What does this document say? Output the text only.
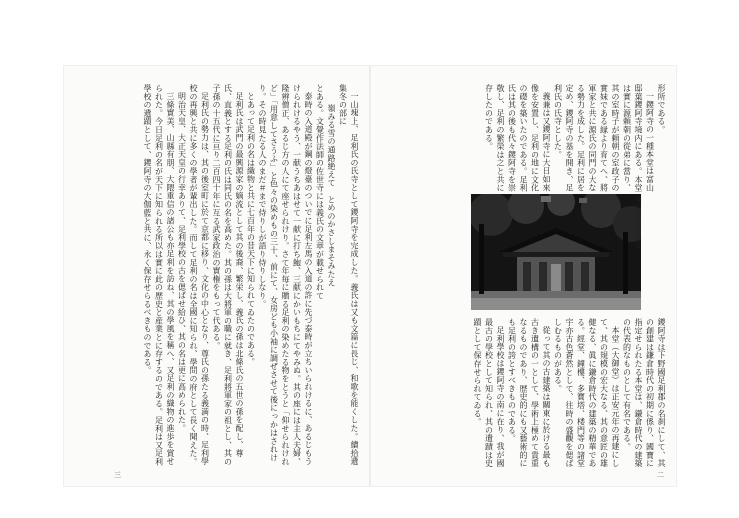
一山塊上、足利氏の氏寺として鑁阿寺を完成した。義氏は又も文篇に長じ、和歌を能くした。續拾遺集冬の部に

嶺みる雪の通路絶えて　とめのかさしまそみたえ

とある。文覺作法師の佐世寺には義氏の文章が載せられて

泰時の入道殿が鋼の燈臺のついでに足利左馬の入道の許に先づ泰時が立ちいられけるに、あるじもうけられけるやう、一献うちあはせて一献に打ち鮑、三献にかいもちにてやみぬ。其の座には主人夫婦、隆辨僧正、あるじ方の人にて座せられけり。さて年毎に贈る足利の染めたる物をとうと「仰せられけれど」「用意してさうふ」と色々の染めもの三十、前にて、女房ども小袖に調ぜさせて後にっかはされけり。その時見たる人のまだ＃まで侍りしが語り侍りしなり。

とあって足利の名は織物と共に七百年の昔天下に知られてゐたのである。

足利氏は武門の最興源家の嫡流として其の後裔、繁栄し、義氏の孫は北條氏の五世の孫を配し、尊氏、直義とする足利の氏は同氏の名を高めた。其の孫は大將軍の職に就き、足利將軍家の祖とし、其の子孫の十五代に亘り二百四十年に互る武家政治の實権をもって代ある。

足利氏の勢力は、其の後室町に於て京都に移り、文化の中心となり、尊氏の孫たる義満の時、足利學校の再興と共に多くの學者が輩出した。而して足利の名は全國に知られ、學問の府として長く聞えた。

明治天皇、大正天皇の行幸ありて、足利學校の古を偲ばせ給ひ、其の名は更に高められた。

三條實美、山縣有朋、大隈重信の諸公も亦足利を訪ね、其の學風を稱へ、又足利の織物の進歩を賞せられた。今日足利の名が天下に知られる所以は實に此の歴史と産業とに存するのである。足利は又足利學校の遺蹟として、鑁阿寺の大伽藍と共に、永く保存せらるべきものである。

三

形所である。

一鑁阿寺の一種本堂は富山邸葉鑁阿寺境内にある。本堂は實に源頼朝の從弟に當り、其の室時子が頼朝の室政子の實妹である縁より育てへ、將軍家と共に源氏の同門の大なる勢力を成した。足利に居を定め、鑁阿寺の基を開き、足利氏の氏寺とした。

義兼は又鑁阿寺に大日如來像を安置し、足利の地に文化の礎を築いたのである。足利氏は其の後も代々鑁阿寺を崇敬し、足利の繁榮は之と共に存したのである。

寺阿鑁河國野下

鑁阿寺は下野國足利郡の名刹にして、其の創建は鎌倉時代の初期に係り、國寶に指定せられたる本堂は、鎌倉時代の建築の代表的なものとして有名である。

本堂（大御堂）は正安元年の再建にして、其の規模の宏大なる、其の意匠の雄健なる、眞に鎌倉時代の建築の精華である。經堂、鐘樓、多寶塔、楼門等の諸堂宇亦古色蒼然として、往時の盛觀を偲ばしむるものがある。

從って其の古建築は關東に於ける最も古き遺構の一として、學術上極めて貴重なるものであり、歴史的にも又藝術的にも足利の誇とすべきものである。

足利學校は鑁阿寺の南に在り、我が國最古の學校として知られ、其の遺蹟は史蹟として保存せられてゐる。

二
